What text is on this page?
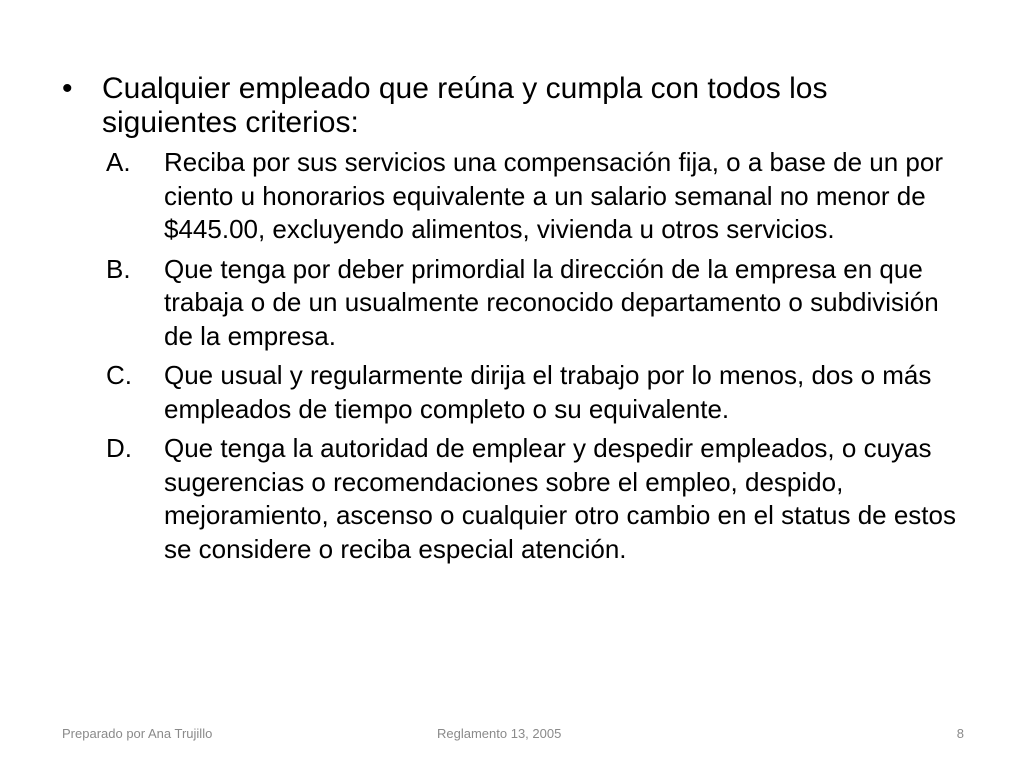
• Cualquier empleado que reúna y cumpla con todos los siguientes criterios:
A.	Reciba por sus servicios una compensación fija, o a base de un por ciento u honorarios equivalente a un salario semanal no menor de $445.00, excluyendo alimentos, vivienda u otros servicios.
B.	Que tenga por deber primordial la dirección de la empresa en que trabaja o de un usualmente reconocido departamento o subdivisión de la empresa.
C.	Que usual y regularmente dirija el trabajo por lo menos, dos o más empleados de tiempo completo o su equivalente.
D.	Que tenga la autoridad de emplear y despedir empleados, o cuyas sugerencias o recomendaciones sobre el empleo, despido, mejoramiento, ascenso o cualquier otro cambio en el status de estos se considere o reciba especial atención.
Preparado por Ana Trujillo	Reglamento 13, 2005	8
